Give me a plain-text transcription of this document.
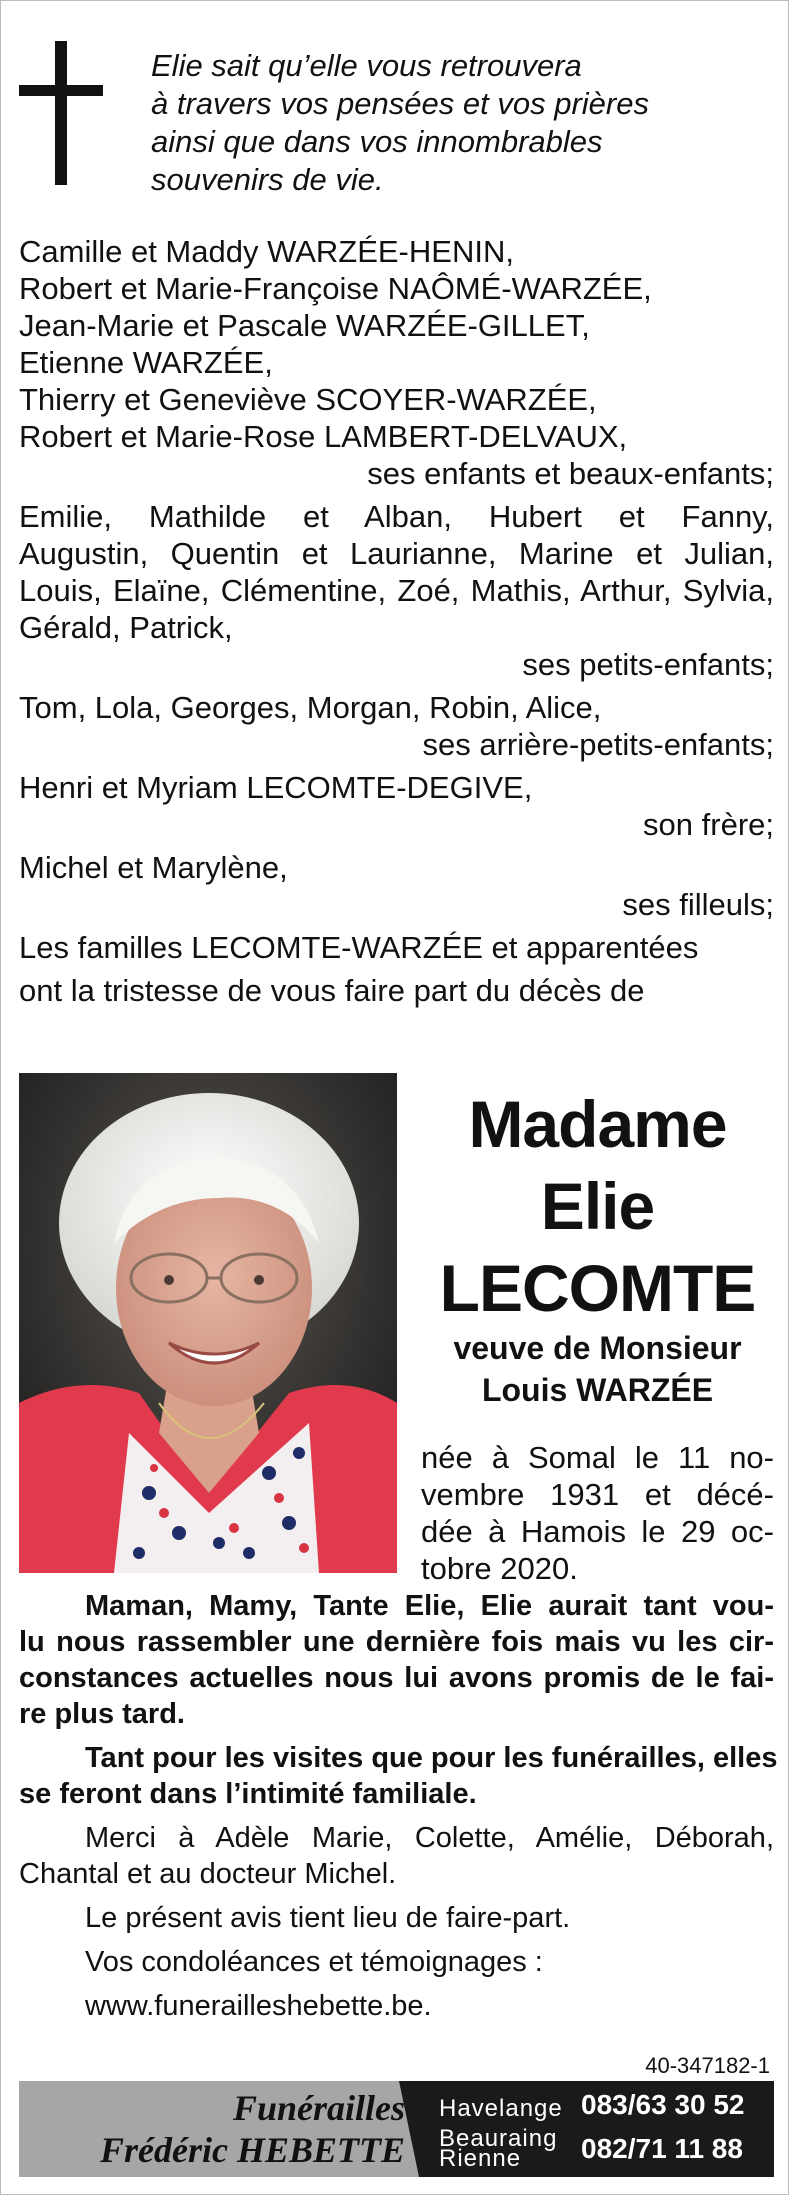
Elie sait qu’elle vous retrouvera
à travers vos pensées et vos prières
ainsi que dans vos innombrables
souvenirs de vie.
Camille et Maddy WARZÉE-HENIN,
Robert et Marie-Françoise NAÔMÉ-WARZÉE,
Jean-Marie et Pascale WARZÉE-GILLET,
Etienne WARZÉE,
Thierry et Geneviève SCOYER-WARZÉE,
Robert et Marie-Rose LAMBERT-DELVAUX,
ses enfants et beaux-enfants;
Emilie, Mathilde et Alban, Hubert et Fanny,
Augustin, Quentin et Laurianne, Marine et Julian,
Louis, Elaïne, Clémentine, Zoé, Mathis, Arthur, Sylvia,
Gérald, Patrick,
ses petits-enfants;
Tom, Lola, Georges, Morgan, Robin, Alice,
ses arrière-petits-enfants;
Henri et Myriam LECOMTE-DEGIVE,
son frère;
Michel et Marylène,
ses filleuls;
Les familles LECOMTE-WARZÉE et apparentées
ont la tristesse de vous faire part du décès de
Madame
Elie
LECOMTE
veuve de Monsieur
Louis WARZÉE
née à Somal le 11 no-
vembre 1931 et décé-
dée à Hamois le 29 oc-
tobre 2020.
Maman, Mamy, Tante Elie, Elie aurait tant vou-
lu nous rassembler une dernière fois mais vu les cir-
constances actuelles nous lui avons promis de le fai-
re plus tard.
Tant pour les visites que pour les funérailles, elles
se feront dans l’intimité familiale.
Merci à Adèle Marie, Colette, Amélie, Déborah,
Chantal et au docteur Michel.
Le présent avis tient lieu de faire-part.
Vos condoléances et témoignages :
www.funerailleshebette.be.
40-347182-1
Funérailles
Frédéric HEBETTE
Havelange 083/63 30 52
Beauraing
Rienne	082/71 11 88
